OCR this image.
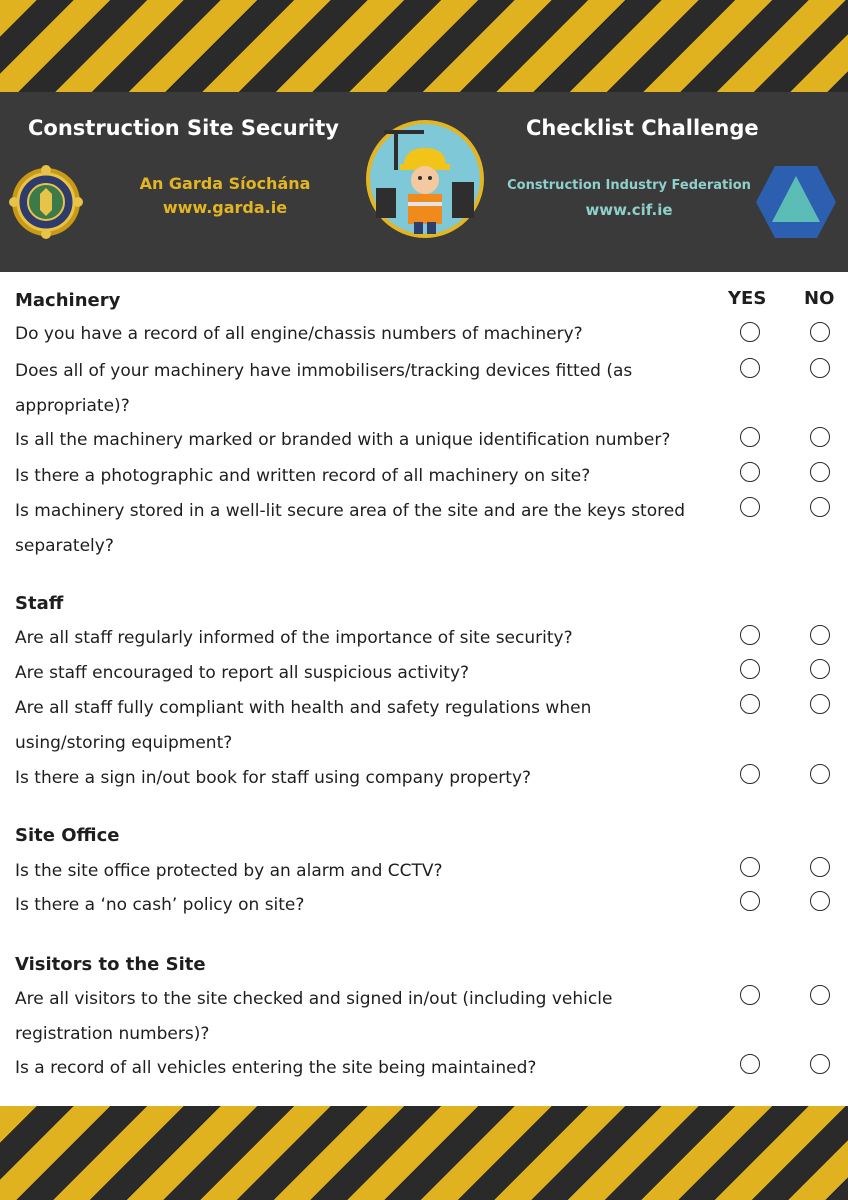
Construction Site Security	Checklist Challenge
An Garda Síochána
www.garda.ie
Construction Industry Federation
www.cif.ie
YES NO
Machinery
Do you have a record of all engine/chassis numbers of machinery?
Does all of your machinery have immobilisers/tracking devices fitted (as appropriate)?
Is all the machinery marked or branded with a unique identification number?
Is there a photographic and written record of all machinery on site?
Is machinery stored in a well-lit secure area of the site and are the keys stored separately?
Staff
Are all staff regularly informed of the importance of site security?
Are staff encouraged to report all suspicious activity?
Are all staff fully compliant with health and safety regulations when using/storing equipment?
Is there a sign in/out book for staff using company property?
Site Office
Is the site office protected by an alarm and CCTV?
Is there a ‘no cash’ policy on site?
Visitors to the Site
Are all visitors to the site checked and signed in/out (including vehicle registration numbers)?
Is a record of all vehicles entering the site being maintained?
